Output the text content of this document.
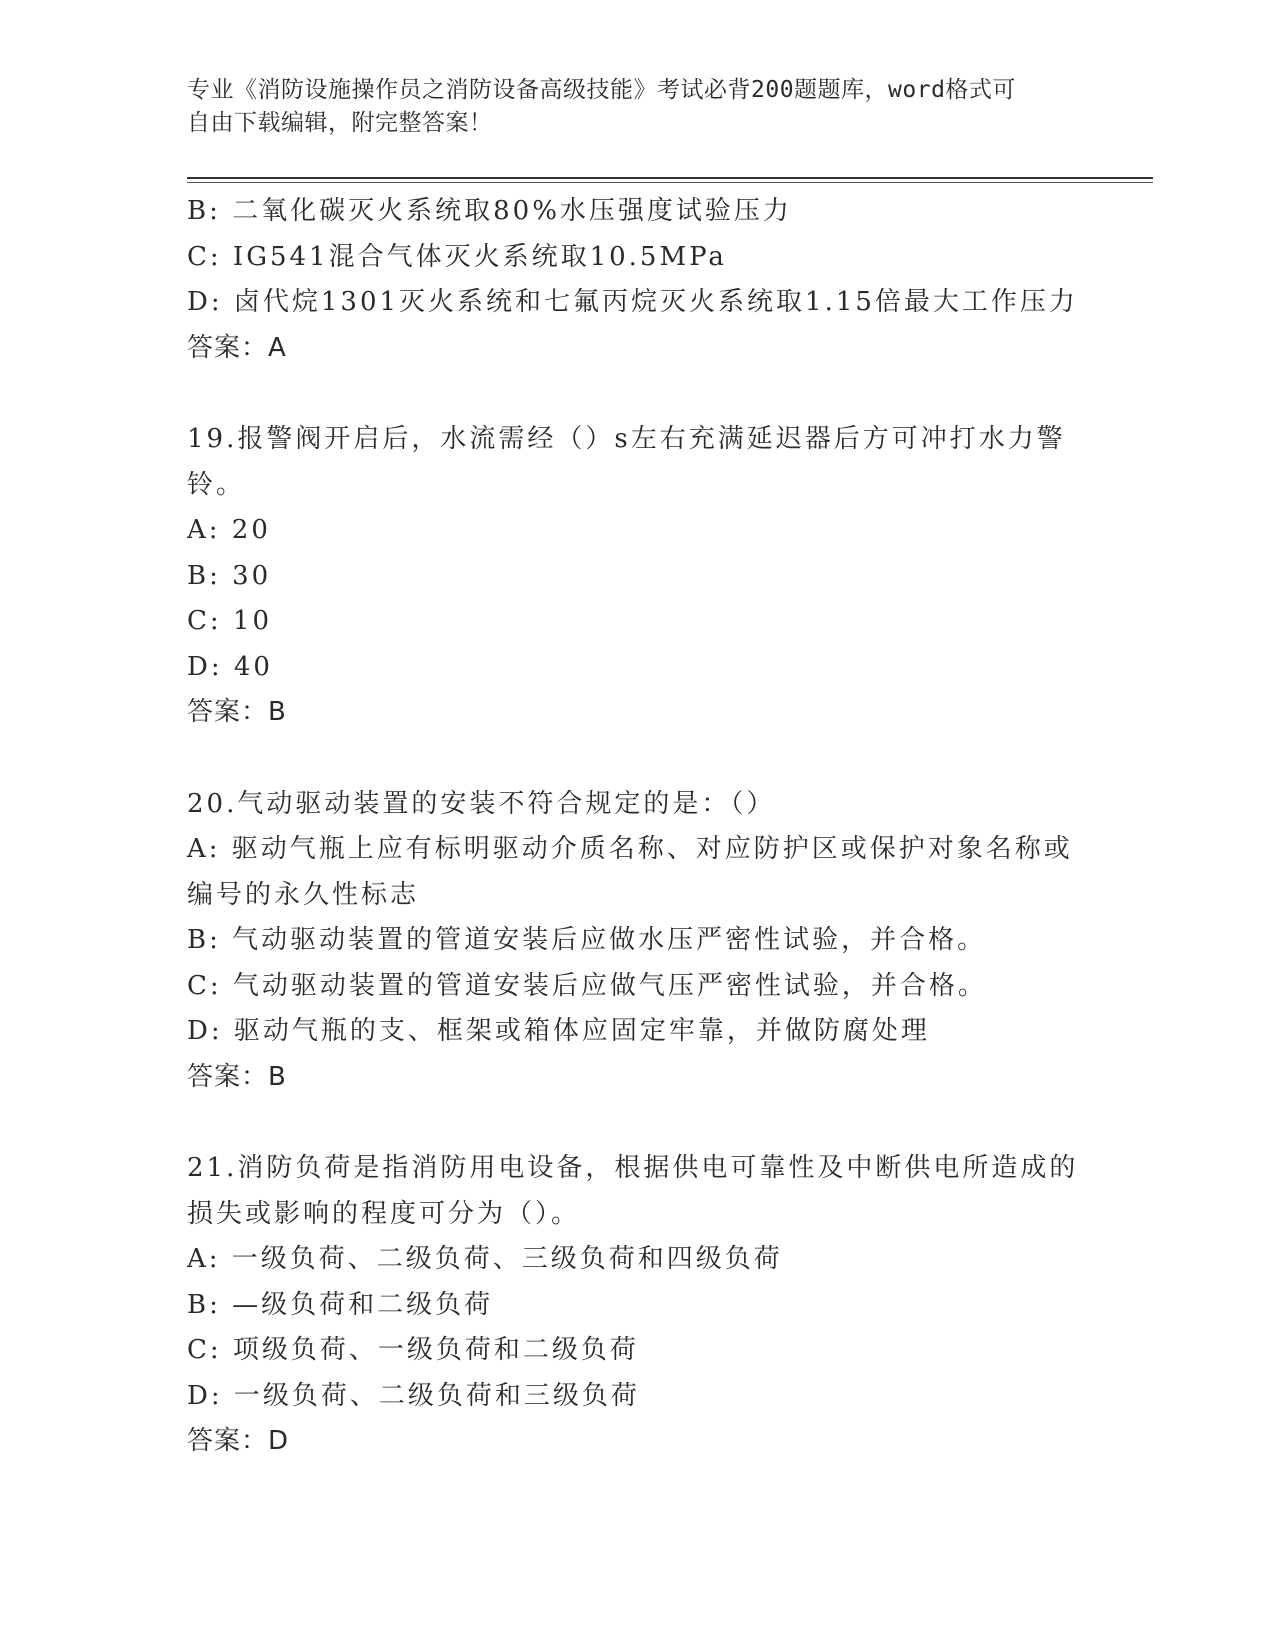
专业《消防设施操作员之消防设备高级技能》考试必背200题题库，word格式可
自由下载编辑，附完整答案！
B: 二氧化碳灭火系统取80%水压强度试验压力
C: IG541混合气体灭火系统取10.5MPa
D: 卤代烷1301灭火系统和七氟丙烷灭火系统取1.15倍最大工作压力
答案：A
19.报警阀开启后，水流需经（）s左右充满延迟器后方可冲打水力警
铃。
A: 20
B: 30
C: 10
D: 40
答案：B
20.气动驱动装置的安装不符合规定的是：（）
A: 驱动气瓶上应有标明驱动介质名称、对应防护区或保护对象名称或
编号的永久性标志
B: 气动驱动装置的管道安装后应做水压严密性试验，并合格。
C: 气动驱动装置的管道安装后应做气压严密性试验，并合格。
D: 驱动气瓶的支、框架或箱体应固定牢靠，并做防腐处理
答案：B
21.消防负荷是指消防用电设备，根据供电可靠性及中断供电所造成的
损失或影响的程度可分为（）。
A: 一级负荷、二级负荷、三级负荷和四级负荷
B: —级负荷和二级负荷
C: 项级负荷、一级负荷和二级负荷
D: 一级负荷、二级负荷和三级负荷
答案：D
